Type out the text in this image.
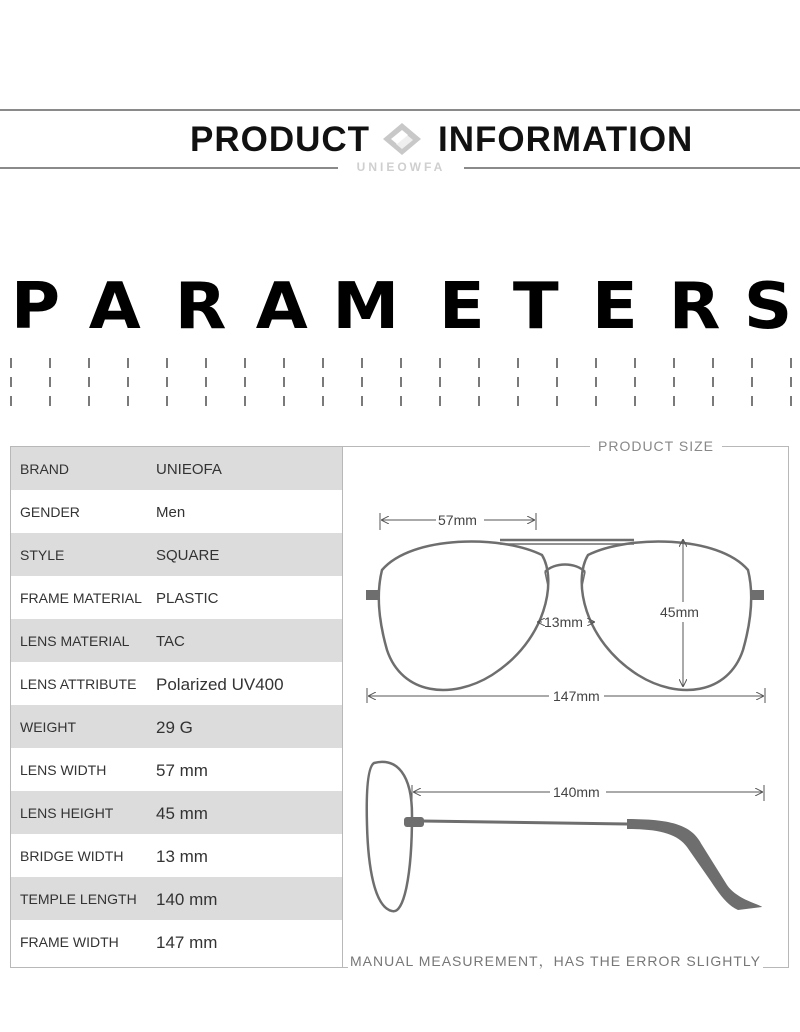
PRODUCT INFORMATION
UNIEOWFA
P A R A M E T E R S
BRAND	UNIEOFA
GENDER	Men
STYLE	SQUARE
FRAME MATERIAL PLASTIC
LENS MATERIAL TAC
LENS ATTRIBUTE Polarized UV400
WEIGHT	29 G
LENS WIDTH	57 mm
LENS HEIGHT	45 mm
BRIDGE WIDTH 13 mm
TEMPLE LENGTH 140 mm
FRAME WIDTH 147 mm
PRODUCT SIZE
57mm
13mm
45mm
147mm
140mm
MANUAL MEASUREMENT，HAS THE ERROR SLIGHTLY
